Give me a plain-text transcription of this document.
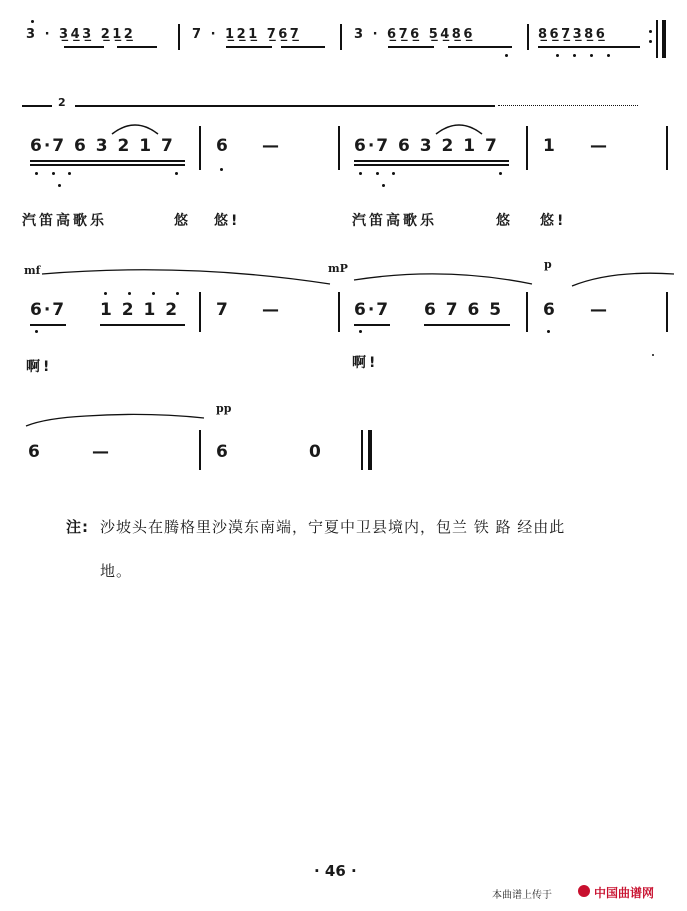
3 · 3̲4̲3̲ 2̲1̲2̲	7 · 1̲2̲1̲ 7̲6̲7̲	3 · 6̲7̲6̲ 5̲4̲8̲6̲	8̲6̲7̲3̲8̲6̲
2
6·7 6 3 2 1 7 6 —	6·7 6 3 2 1 7	1 —
汽笛高歌乐	悠 悠!	汽笛高歌乐	悠 悠!
mf
6·7 1 2 1 2 7 —
mP
6·7 6 7 6 5
p
6 —
啊!	啊!
pp
6	—	6	0
注: 沙坡头在腾格里沙漠东南端，宁夏中卫县境内，包兰 铁 路 经由此
地。
· 46 ·
本曲谱上传于	中国曲谱网
